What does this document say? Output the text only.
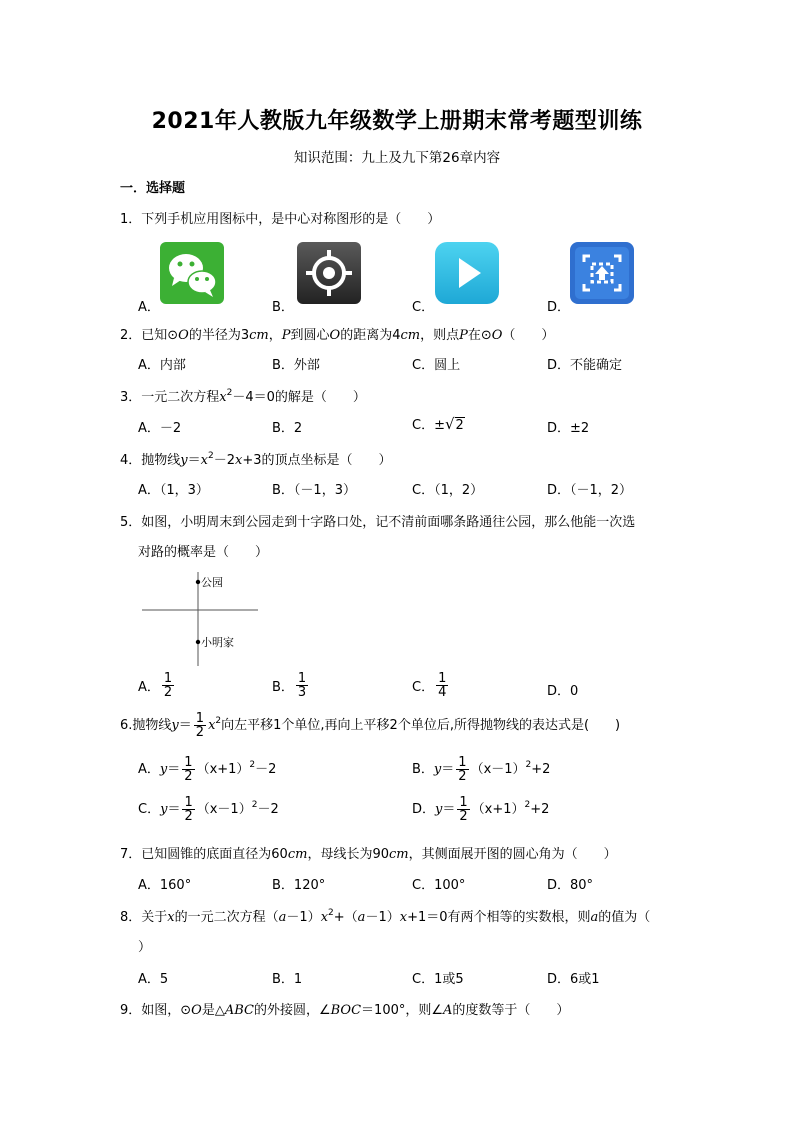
2021年人教版九年级数学上册期末常考题型训练
知识范围：九上及九下第26章内容
一．选择题
1．下列手机应用图标中，是中心对称图形的是（　　）
A．	B．	C．	D．
2．已知⊙O的半径为3cm，P到圆心O的距离为4cm，则点P在⊙O（　　）
A．内部	B．外部	C．圆上	D．不能确定
3．一元二次方程$x^2-4=0$的解是（　　）
A．－2	B．2	C．±√2	D．±2
4．抛物线$y=x^2-2x+3$的顶点坐标是（　　）
A．（1，3）	B．（－1，3）	C．（1，2）	D．（－1，2）
5．如图，小明周末到公园走到十字路口处，记不清前面哪条路通往公园，那么他能一次选
对路的概率是（　　）
公园
小明家
A． $\frac{1}{2}$	B． $\frac{1}{3}$	C． $\frac{1}{4}$	D．0
6.抛物线$y= \frac{1}{2} x^2$向左平移1个单位,再向上平移2个单位后,所得抛物线的表达式是(　　)
A．$y= \frac{1}{2} (x+1)^2-2$	B．$y= \frac{1}{2} (x-1)^2+2$
C．$y= \frac{1}{2} (x-1)^2-2$	D．$y= \frac{1}{2} (x+1)^2+2$
7．已知圆锥的底面直径为60cm，母线长为90cm，其侧面展开图的圆心角为（　　）
A．160°	B．120°	C．100°	D．80°
8．关于x的一元二次方程$(a-1)x^2+(a-1)x+1=0$有两个相等的实数根，则a的值为（
）
A．5	B．1	C．1或5	D．6或1
9．如图，⊙O是△ABC的外接圆，∠BOC＝100°，则∠A的度数等于（　　）
